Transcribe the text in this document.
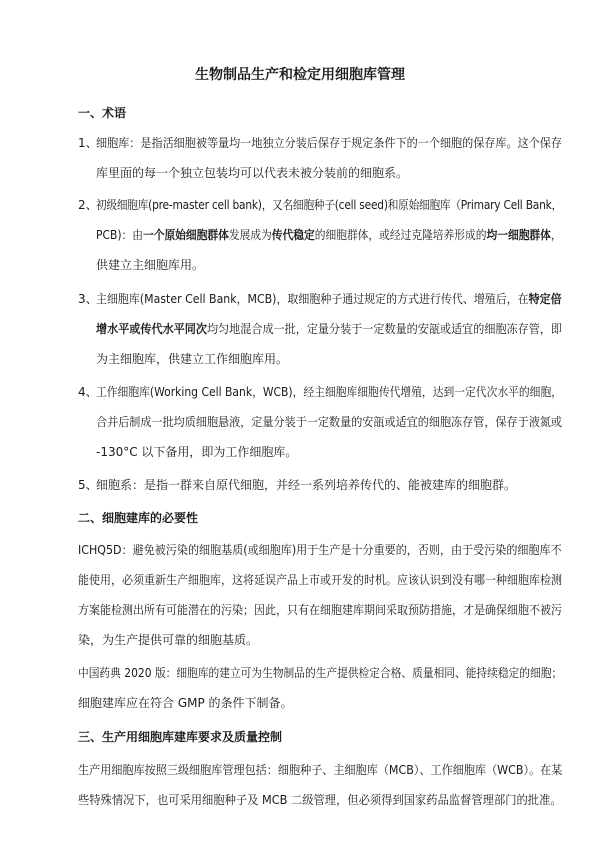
生物制品生产和检定用细胞库管理
一、术语
1、
细胞库：是指活细胞被等量均一地独立分装后保存于规定条件下的一个细胞的保存库。这个保存
库里面的每一个独立包装均可以代表未被分装前的细胞系。
2、
初级细胞库(pre-master cell bank)，又名细胞种子(cell seed)和原始细胞库（Primary Cell Bank，
PCB)：由一个原始细胞群体发展成为传代稳定的细胞群体，或经过克隆培养形成的均一细胞群体，
供建立主细胞库用。
3、
主细胞库(Master Cell Bank，MCB)，取细胞种子通过规定的方式进行传代、增殖后，在特定倍
增水平或传代水平同次均匀地混合成一批，定量分装于一定数量的安瓿或适宜的细胞冻存管，即
为主细胞库，供建立工作细胞库用。
4、
工作细胞库(Working Cell Bank，WCB)，经主细胞库细胞传代增殖，达到一定代次水平的细胞，
合并后制成一批均质细胞悬液，定量分装于一定数量的安瓿或适宜的细胞冻存管，保存于液氮或
-130°C 以下备用，即为工作细胞库。
5、
细胞系：是指一群来自原代细胞，并经一系列培养传代的、能被建库的细胞群。
二、细胞建库的必要性
ICHQ5D：避免被污染的细胞基质(或细胞库)用于生产是十分重要的，否则，由于受污染的细胞库不
能使用，必须重新生产细胞库，这将延误产品上市或开发的时机。应该认识到没有哪一种细胞库检测
方案能检测出所有可能潜在的污染；因此，只有在细胞建库期间采取预防措施，才是确保细胞不被污
染，为生产提供可靠的细胞基质。
中国药典 2020 版：细胞库的建立可为生物制品的生产提供检定合格、质量相同、能持续稳定的细胞；
细胞建库应在符合 GMP 的条件下制备。
三、生产用细胞库建库要求及质量控制
生产用细胞库按照三级细胞库管理包括：细胞种子、主细胞库（MCB）、工作细胞库（WCB）。在某
些特殊情况下，也可采用细胞种子及 MCB 二级管理，但必须得到国家药品监督管理部门的批准。
